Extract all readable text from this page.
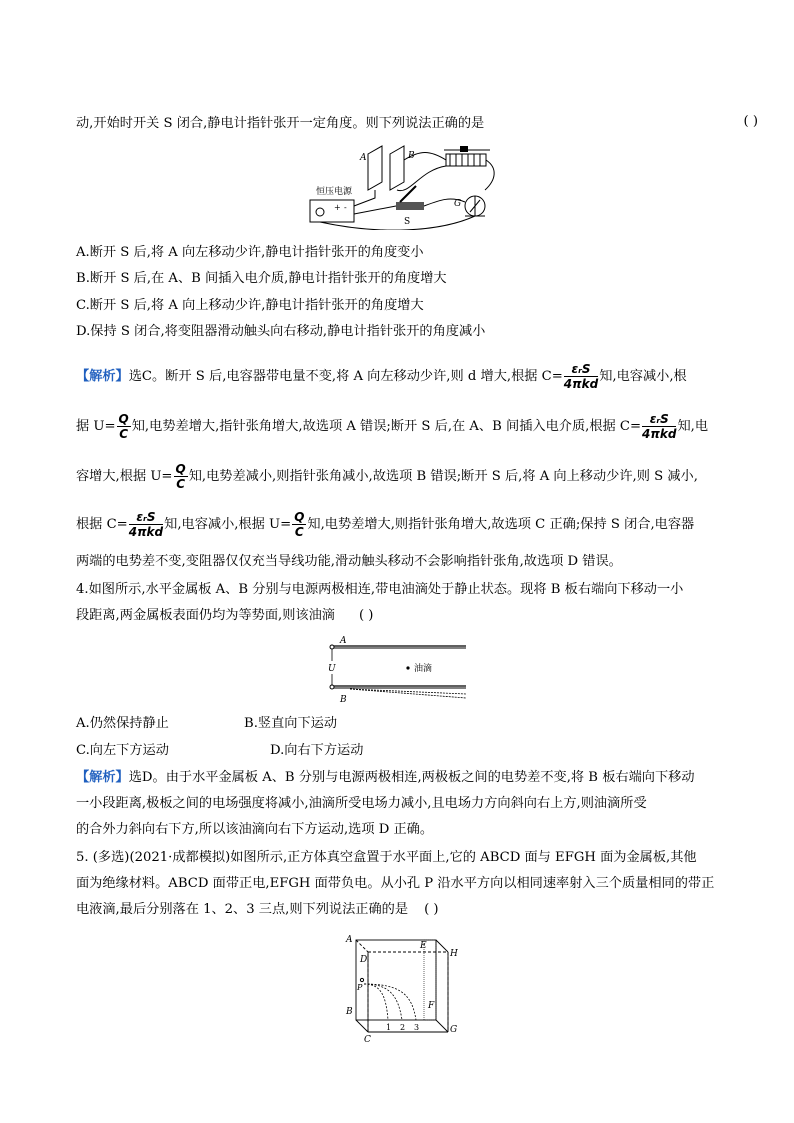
动,开始时开关 S 闭合,静电计指针张开一定角度。则下列说法正确的是	( )
A	B
恒压电源
+ -
S
G
A.断开 S 后,将 A 向左移动少许,静电计指针张开的角度变小
B.断开 S 后,在 A、B 间插入电介质,静电计指针张开的角度增大
C.断开 S 后,将 A 向上移动少许,静电计指针张开的角度增大
D.保持 S 闭合,将变阻器滑动触头向右移动,静电计指针张开的角度减小
【解析】选C。断开 S 后,电容器带电量不变,将 A 向左移动少许,则 d 增大,根据 $C= \frac{\text{εᵣS}}{\text{4πkd}}$ 知,电容减小,根
据 $U= \frac{Q}{C}$ 知,电势差增大,指针张角增大,故选项 A 错误;断开 S 后,在 A、B 间插入电介质,根据 $C= \frac{\text{εᵣS}}{\text{4πkd}}$ 知,电
容增大,根据 $U= \frac{Q}{C}$ 知,电势差减小,则指针张角减小,故选项 B 错误;断开 S 后,将 A 向上移动少许,则 S 减小,
根据 $C= \frac{\text{εᵣS}}{\text{4πkd}}$ 知,电容减小,根据 $U= \frac{Q}{C}$ 知,电势差增大,则指针张角增大,故选项 C 正确;保持 S 闭合,电容器
两端的电势差不变,变阻器仅仅充当导线功能,滑动触头移动不会影响指针张角,故选项 D 错误。
4.如图所示,水平金属板 A、B 分别与电源两极相连,带电油滴处于静止状态。现将 B 板右端向下移动一小
段距离,两金属板表面仍均为等势面,则该油滴 ( )
U
A
B
油滴
A.仍然保持静止	B.竖直向下运动
C.向左下方运动	D.向右下方运动
【解析】选D。由于水平金属板 A、B 分别与电源两极相连,两极板之间的电势差不变,将 B 板右端向下移动
一小段距离,极板之间的电场强度将减小,油滴所受电场力减小,且电场力方向斜向右上方,则油滴所受
的合外力斜向右下方,所以该油滴向右下方运动,选项 D 正确。
5. (多选)(2021·成都模拟)如图所示,正方体真空盒置于水平面上,它的 ABCD 面与 EFGH 面为金属板,其他
面为绝缘材料。ABCD 面带正电,EFGH 面带负电。从小孔 P 沿水平方向以相同速率射入三个质量相同的带正
电液滴,最后分别落在 1、2、3 三点,则下列说法正确的是 ( )
A
B
C
D
E
F
G
H
P
1 2 3
